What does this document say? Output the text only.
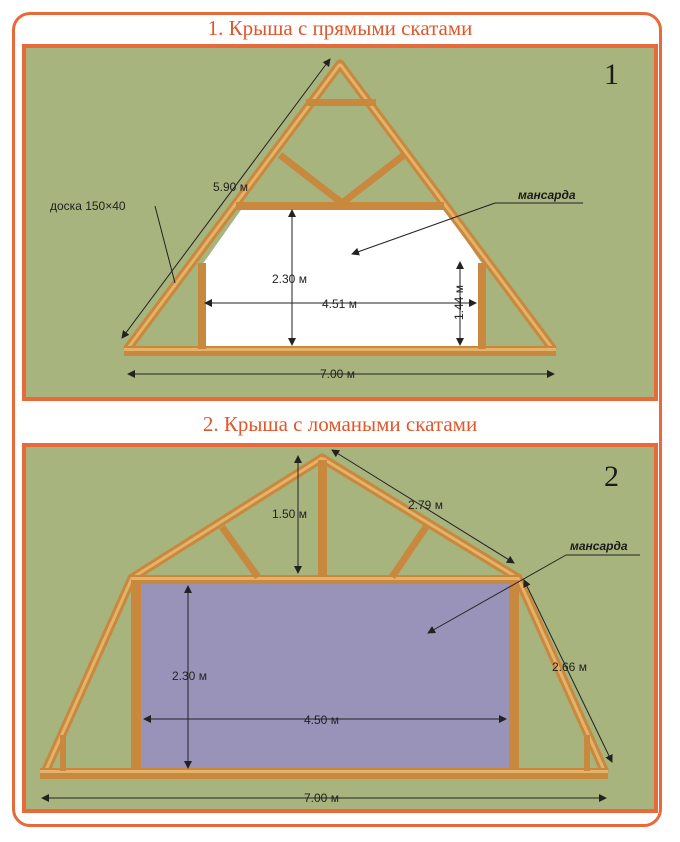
1. Крыша с прямыми скатами
1
2. Крыша с ломаными скатами
2
доска 150×40
5.90 м
2.30 м
4.51 м	1.44 м
7.00 м
мансарда
1.50 м
2.79 м
2.66 м
2.30 м
4.50 м
7.00 м
мансарда
